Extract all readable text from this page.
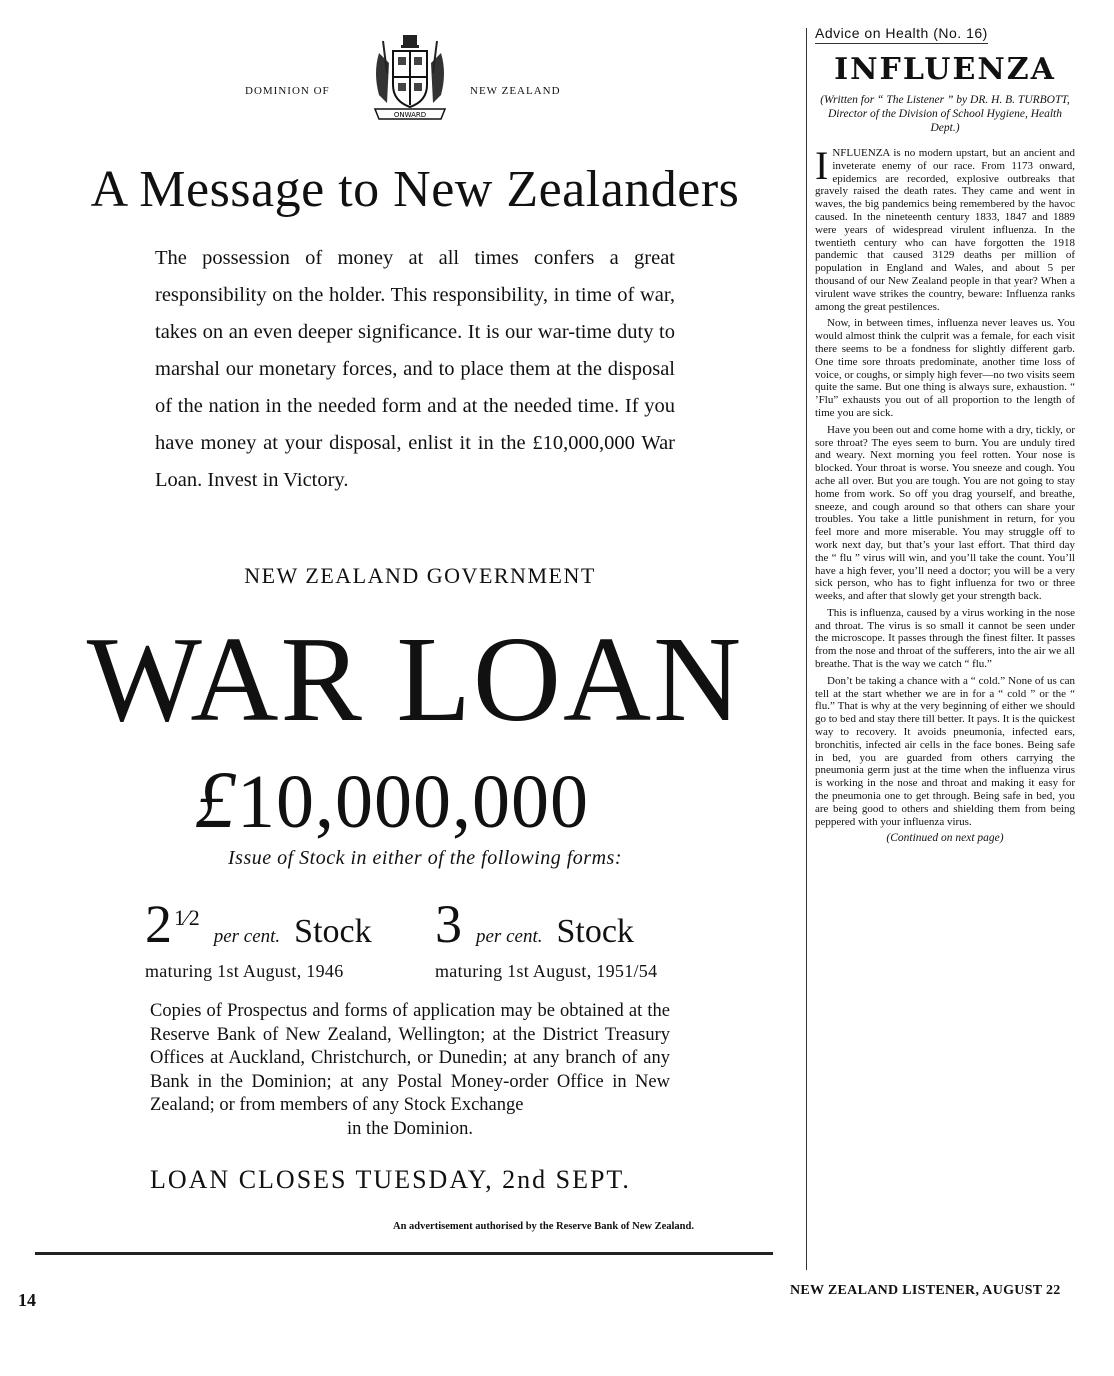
DOMINION OF
ONWARD
NEW ZEALAND
A Message to New Zealanders
The possession of money at all times confers a great responsibility on the holder. This responsibility, in time of war, takes on an even deeper significance. It is our war-time duty to marshal our monetary forces, and to place them at the disposal of the nation in the needed form and at the needed time. If you have money at your disposal, enlist it in the £10,000,000 War Loan. Invest in Victory.
NEW ZEALAND GOVERNMENT
WAR LOAN
£10,000,000
Issue of Stock in either of the following forms:
21⁄2 per cent. Stock
maturing 1st August, 1946
3 per cent. Stock
maturing 1st August, 1951/54
Copies of Prospectus and forms of application may be obtained at the Reserve Bank of New Zealand, Wellington; at the District Treasury Offices at Auckland, Christchurch, or Dunedin; at any branch of any Bank in the Dominion; at any Postal Money-order Office in New Zealand; or from members of any Stock Exchange
in the Dominion.
LOAN CLOSES TUESDAY, 2nd SEPT.
An advertisement authorised by the Reserve Bank of New Zealand.
14
Advice on Health (No. 16)
INFLUENZA
(Written for “ The Listener ” by DR. H. B. TURBOTT, Director of the Division of School Hygiene, Health Dept.)

INFLUENZA is no modern upstart, but an ancient and inveterate enemy of our race. From 1173 onward, epidemics are recorded, explosive outbreaks that gravely raised the death rates. They came and went in waves, the big pandemics being remembered by the havoc caused. In the nineteenth century 1833, 1847 and 1889 were years of widespread virulent influenza. In the twentieth century who can have forgotten the 1918 pandemic that caused 3129 deaths per million of population in England and Wales, and about 5 per thousand of our New Zealand people in that year? When a virulent wave strikes the country, beware: Influenza ranks among the great pestilences.

Now, in between times, influenza never leaves us. You would almost think the culprit was a female, for each visit there seems to be a fondness for slightly different garb. One time sore throats predominate, another time loss of voice, or coughs, or simply high fever—no two visits seem quite the same. But one thing is always sure, exhaustion. “ ’Flu” exhausts you out of all proportion to the length of time you are sick.

Have you been out and come home with a dry, tickly, or sore throat? The eyes seem to burn. You are unduly tired and weary. Next morning you feel rotten. Your nose is blocked. Your throat is worse. You sneeze and cough. You ache all over. But you are tough. You are not going to stay home from work. So off you drag yourself, and breathe, sneeze, and cough around so that others can share your troubles. You take a little punishment in return, for you feel more and more miserable. You may struggle off to work next day, but that’s your last effort. That third day the “ flu ” virus will win, and you’ll take the count. You’ll have a high fever, you’ll need a doctor; you will be a very sick person, who has to fight influenza for two or three weeks, and after that slowly get your strength back.

This is influenza, caused by a virus working in the nose and throat. The virus is so small it cannot be seen under the microscope. It passes through the finest filter. It passes from the nose and throat of the sufferers, into the air we all breathe. That is the way we catch “ flu.”

Don’t be taking a chance with a “ cold.” None of us can tell at the start whether we are in for a “ cold ” or the “ flu.” That is why at the very beginning of either we should go to bed and stay there till better. It pays. It is the quickest way to recovery. It avoids pneumonia, infected ears, bronchitis, infected air cells in the face bones. Being safe in bed, you are guarded from others carrying the pneumonia germ just at the time when the influenza virus is working in the nose and throat and making it easy for the pneumonia one to get through. Being safe in bed, you are being good to others and shielding them from being peppered with your influenza virus.

(Continued on next page)
NEW ZEALAND LISTENER, AUGUST 22
